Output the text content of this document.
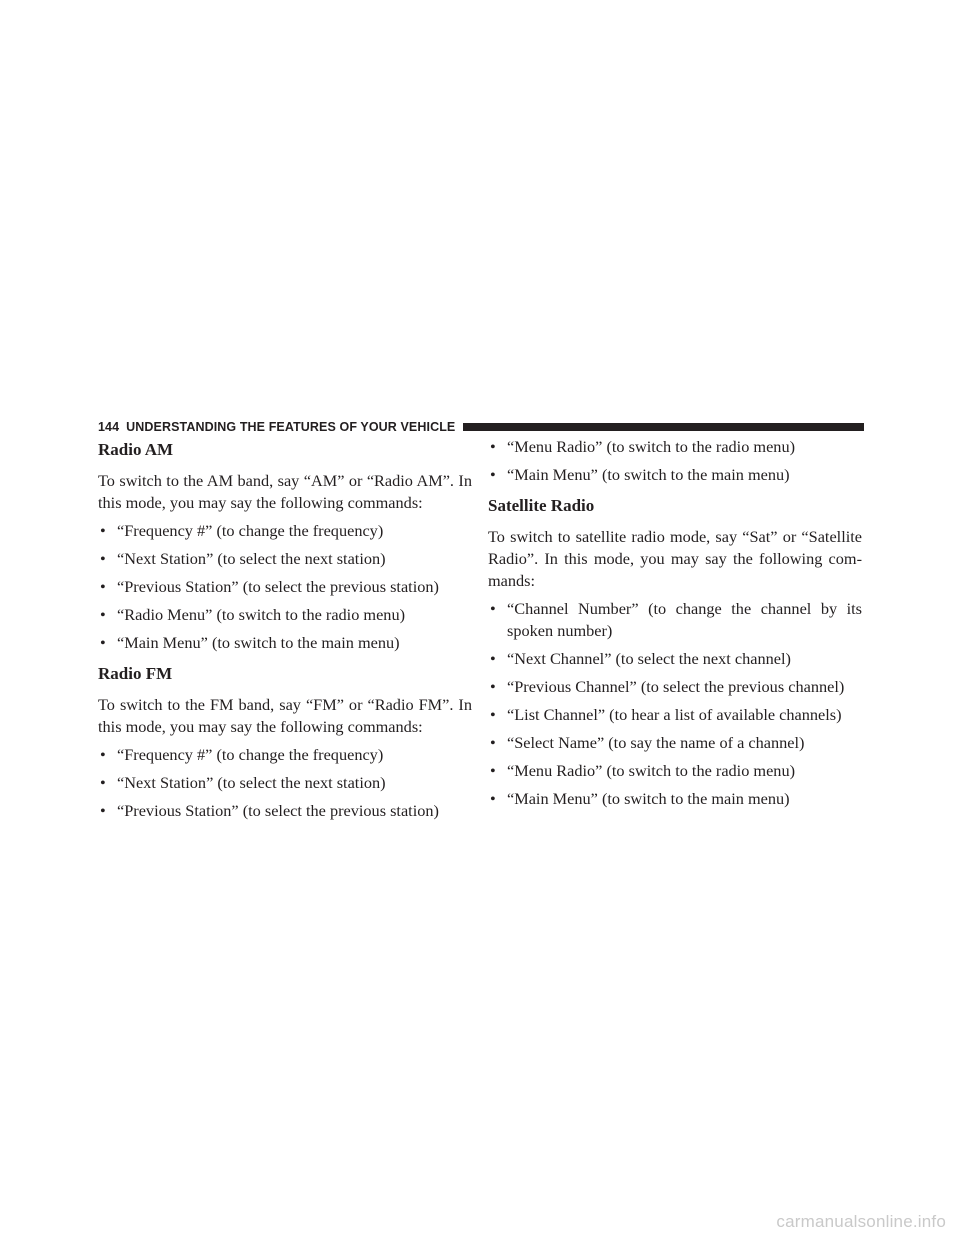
144 UNDERSTANDING THE FEATURES OF YOUR VEHICLE

Radio AM

To switch to the AM band, say “AM” or “Radio AM”. In this mode, you may say the following commands:

• “Frequency #” (to change the frequency)

• “Next Station” (to select the next station)

• “Previous Station” (to select the previous station)

• “Radio Menu” (to switch to the radio menu)

• “Main Menu” (to switch to the main menu)

Radio FM

To switch to the FM band, say “FM” or “Radio FM”. In this mode, you may say the following commands:

• “Frequency #” (to change the frequency)

• “Next Station” (to select the next station)

• “Previous Station” (to select the previous station)

• “Menu Radio” (to switch to the radio menu)

• “Main Menu” (to switch to the main menu)

Satellite Radio

To switch to satellite radio mode, say “Sat” or “Satellite Radio”. In this mode, you may say the following com- mands:

• “Channel Number” (to change the channel by its spoken number)

• “Next Channel” (to select the next channel)

• “Previous Channel” (to select the previous channel)

• “List Channel” (to hear a list of available channels)

• “Select Name” (to say the name of a channel)

• “Menu Radio” (to switch to the radio menu)

• “Main Menu” (to switch to the main menu)

carmanualsonline.info
